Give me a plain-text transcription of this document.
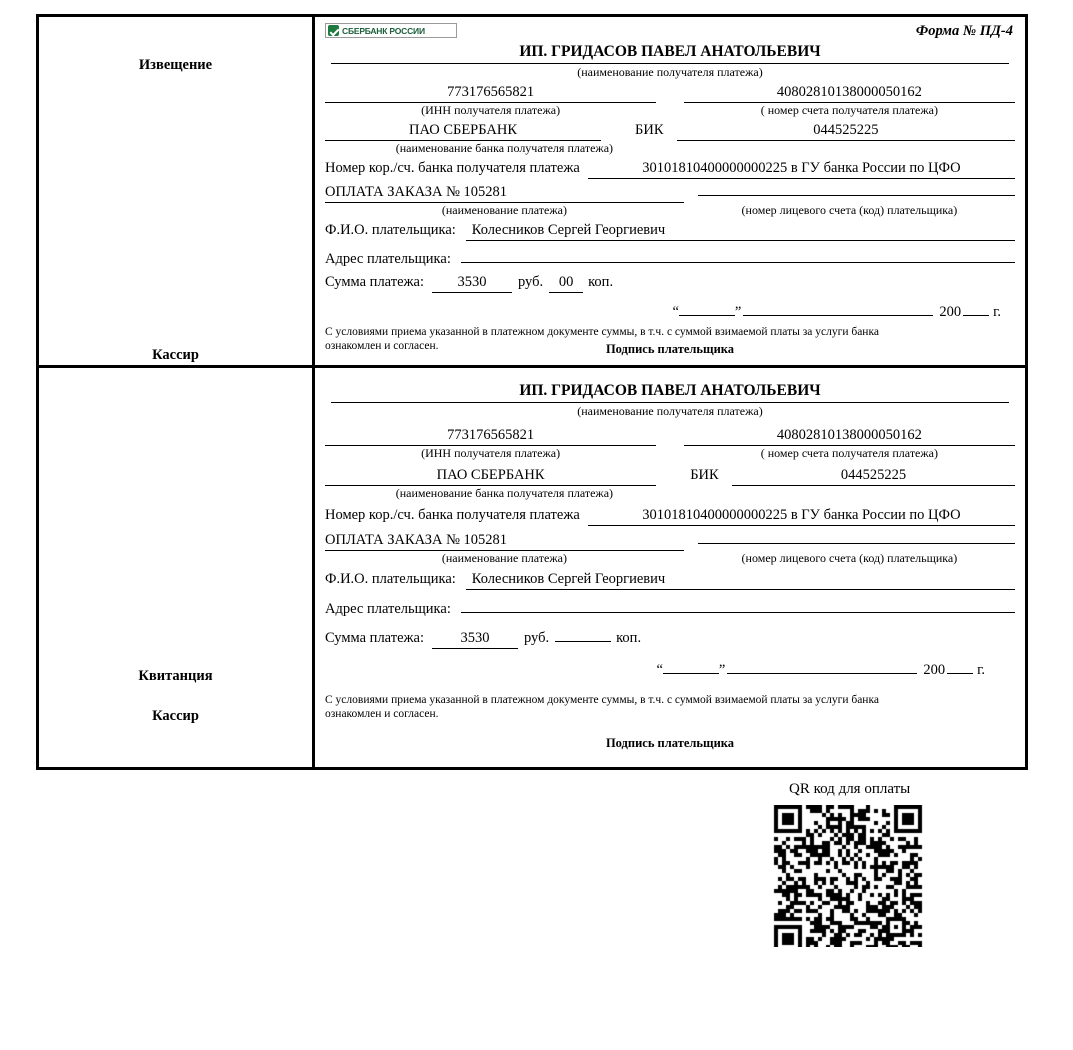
Извещение
Кассир
СБЕРБАНК РОССИИ	Форма № ПД-4
ИП. ГРИДАСОВ ПАВЕЛ АНАТОЛЬЕВИЧ
(наименование получателя платежа)
773176565821	40802810138000050162
(ИНН получателя платежа)	( номер счета получателя платежа)
ПАО СБЕРБАНК	БИК	044525225
(наименование банка получателя платежа)
Номер кор./сч. банка получателя платежа	30101810400000000225 в ГУ банка России по ЦФО
ОПЛАТА ЗАКАЗА № 105281
(наименование платежа)	(номер лицевого счета (код) плательщика)
Ф.И.О. плательщика:	Колесников Сергей Георгиевич
Адрес плательщика:
Сумма платежа:	3530	руб.	00	коп.
“	”	200 г.
С условиями приема указанной в платежном документе суммы, в т.ч. с суммой взимаемой платы за услуги банка
ознакомлен и согласен.	Подпись плательщика
Квитанция
Кассир
ИП. ГРИДАСОВ ПАВЕЛ АНАТОЛЬЕВИЧ
(наименование получателя платежа)
773176565821	40802810138000050162
(ИНН получателя платежа)	( номер счета получателя платежа)
ПАО СБЕРБАНК	БИК	044525225
(наименование банка получателя платежа)
Номер кор./сч. банка получателя платежа	30101810400000000225 в ГУ банка России по ЦФО
ОПЛАТА ЗАКАЗА № 105281
(наименование платежа)	(номер лицевого счета (код) плательщика)
Ф.И.О. плательщика:	Колесников Сергей Георгиевич
Адрес плательщика:
Сумма платежа:	3530	руб.	коп.
“	”	200 г.
С условиями приема указанной в платежном документе суммы, в т.ч. с суммой взимаемой платы за услуги банка
ознакомлен и согласен.
Подпись плательщика
QR код для оплаты
